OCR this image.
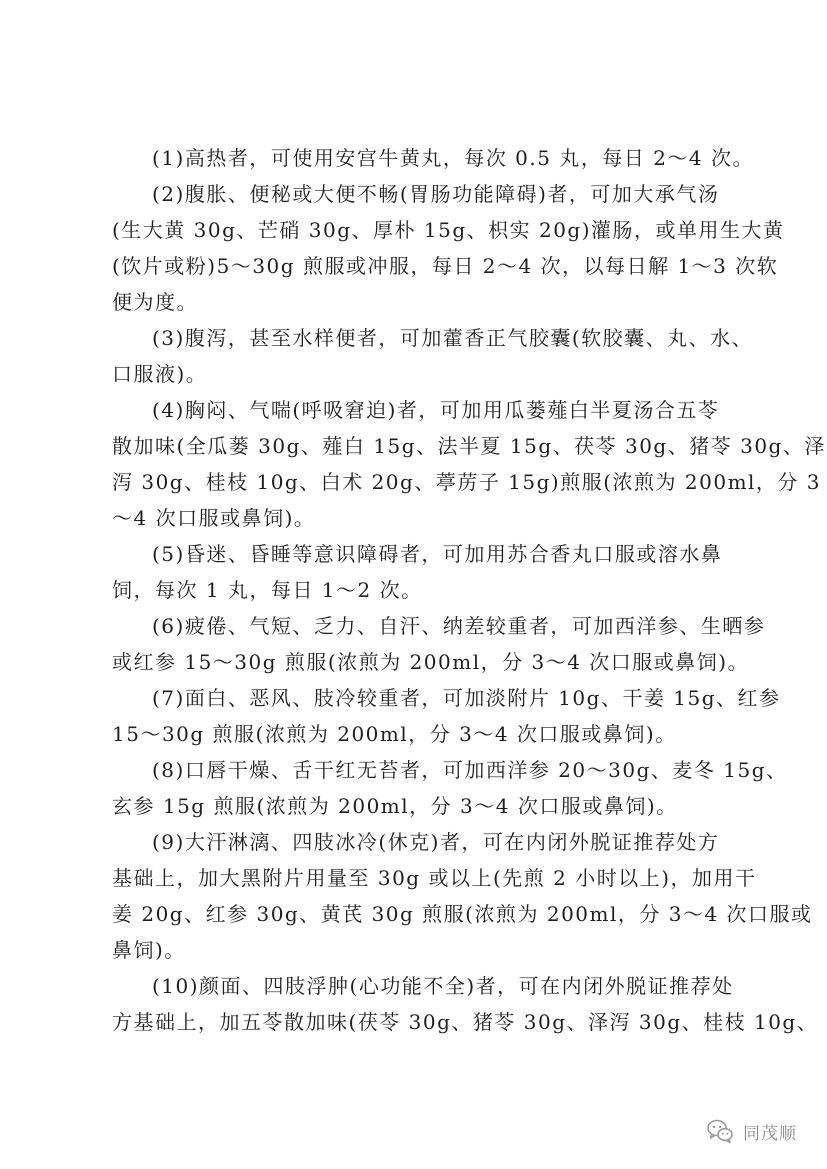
(1)高热者，可使用安宫牛黄丸，每次 0.5 丸，每日 2～4 次。
(2)腹胀、便秘或大便不畅(胃肠功能障碍)者，可加大承气汤
(生大黄 30g、芒硝 30g、厚朴 15g、枳实 20g)灌肠，或单用生大黄
(饮片或粉)5～30g 煎服或冲服，每日 2～4 次，以每日解 1～3 次软
便为度。
(3)腹泻，甚至水样便者，可加藿香正气胶囊(软胶囊、丸、水、
口服液)。
(4)胸闷、气喘(呼吸窘迫)者，可加用瓜蒌薤白半夏汤合五苓
散加味(全瓜蒌 30g、薤白 15g、法半夏 15g、茯苓 30g、猪苓 30g、泽
泻 30g、桂枝 10g、白术 20g、葶苈子 15g)煎服(浓煎为 200ml，分 3
～4 次口服或鼻饲)。
(5)昏迷、昏睡等意识障碍者，可加用苏合香丸口服或溶水鼻
饲，每次 1 丸，每日 1～2 次。
(6)疲倦、气短、乏力、自汗、纳差较重者，可加西洋参、生晒参
或红参 15～30g 煎服(浓煎为 200ml，分 3～4 次口服或鼻饲)。
(7)面白、恶风、肢冷较重者，可加淡附片 10g、干姜 15g、红参
15～30g 煎服(浓煎为 200ml，分 3～4 次口服或鼻饲)。
(8)口唇干燥、舌干红无苔者，可加西洋参 20～30g、麦冬 15g、
玄参 15g 煎服(浓煎为 200ml，分 3～4 次口服或鼻饲)。
(9)大汗淋漓、四肢冰冷(休克)者，可在内闭外脱证推荐处方
基础上，加大黑附片用量至 30g 或以上(先煎 2 小时以上)，加用干
姜 20g、红参 30g、黄芪 30g 煎服(浓煎为 200ml，分 3～4 次口服或
鼻饲)。
(10)颜面、四肢浮肿(心功能不全)者，可在内闭外脱证推荐处
方基础上，加五苓散加味(茯苓 30g、猪苓 30g、泽泻 30g、桂枝 10g、
同茂顺
